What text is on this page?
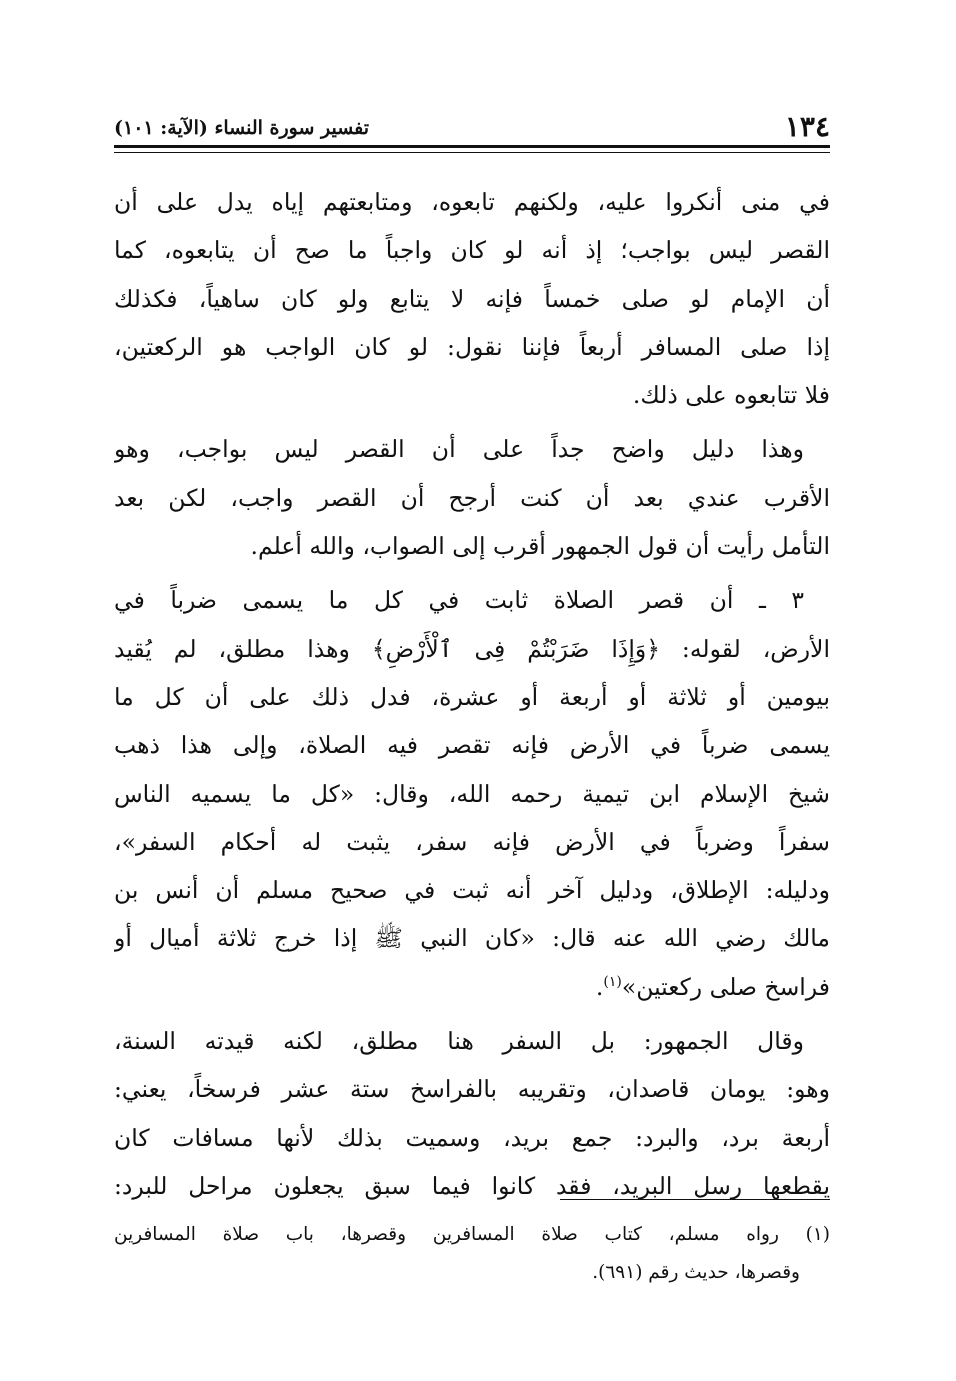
١٣٤
تفسير سورة النساء (الآية: ١٠١)

في منى أنكروا عليه، ولكنهم تابعوه، ومتابعتهم إياه يدل على أن
القصر ليس بواجب؛ إذ أنه لو كان واجباً ما صح أن يتابعوه، كما
أن الإمام لو صلى خمساً فإنه لا يتابع ولو كان ساهياً، فكذلك
إذا صلى المسافر أربعاً فإننا نقول: لو كان الواجب هو الركعتين،
فلا تتابعوه على ذلك.

وهذا دليل واضح جداً على أن القصر ليس بواجب، وهو
الأقرب عندي بعد أن كنت أرجح أن القصر واجب، لكن بعد
التأمل رأيت أن قول الجمهور أقرب إلى الصواب، والله أعلم.

٣ ـ أن قصر الصلاة ثابت في كل ما يسمى ضرباً في
الأرض، لقوله: ﴿وَإِذَا ضَرَبْتُمْ فِى ٱلْأَرْضِ﴾ وهذا مطلق، لم يُقيد
بيومين أو ثلاثة أو أربعة أو عشرة، فدل ذلك على أن كل ما
يسمى ضرباً في الأرض فإنه تقصر فيه الصلاة، وإلى هذا ذهب
شيخ الإسلام ابن تيمية رحمه الله، وقال: «كل ما يسميه الناس
سفراً وضرباً في الأرض فإنه سفر، يثبت له أحكام السفر»،
ودليله: الإطلاق، ودليل آخر أنه ثبت في صحيح مسلم أن أنس بن
مالك رضي الله عنه قال: «كان النبي ﷺ إذا خرج ثلاثة أميال أو
فراسخ صلى ركعتين»$^{(١)}$.

وقال الجمهور: بل السفر هنا مطلق، لكنه قيدته السنة،
وهو: يومان قاصدان، وتقريبه بالفراسخ ستة عشر فرسخاً، يعني:
أربعة برد، والبرد: جمع بريد، وسميت بذلك لأنها مسافات كان
يقطعها رسل البريد، فقد كانوا فيما سبق يجعلون مراحل للبرد:

(١) رواه مسلم، كتاب صلاة المسافرين وقصرها، باب صلاة المسافرين
وقصرها، حديث رقم (٦٩١).
